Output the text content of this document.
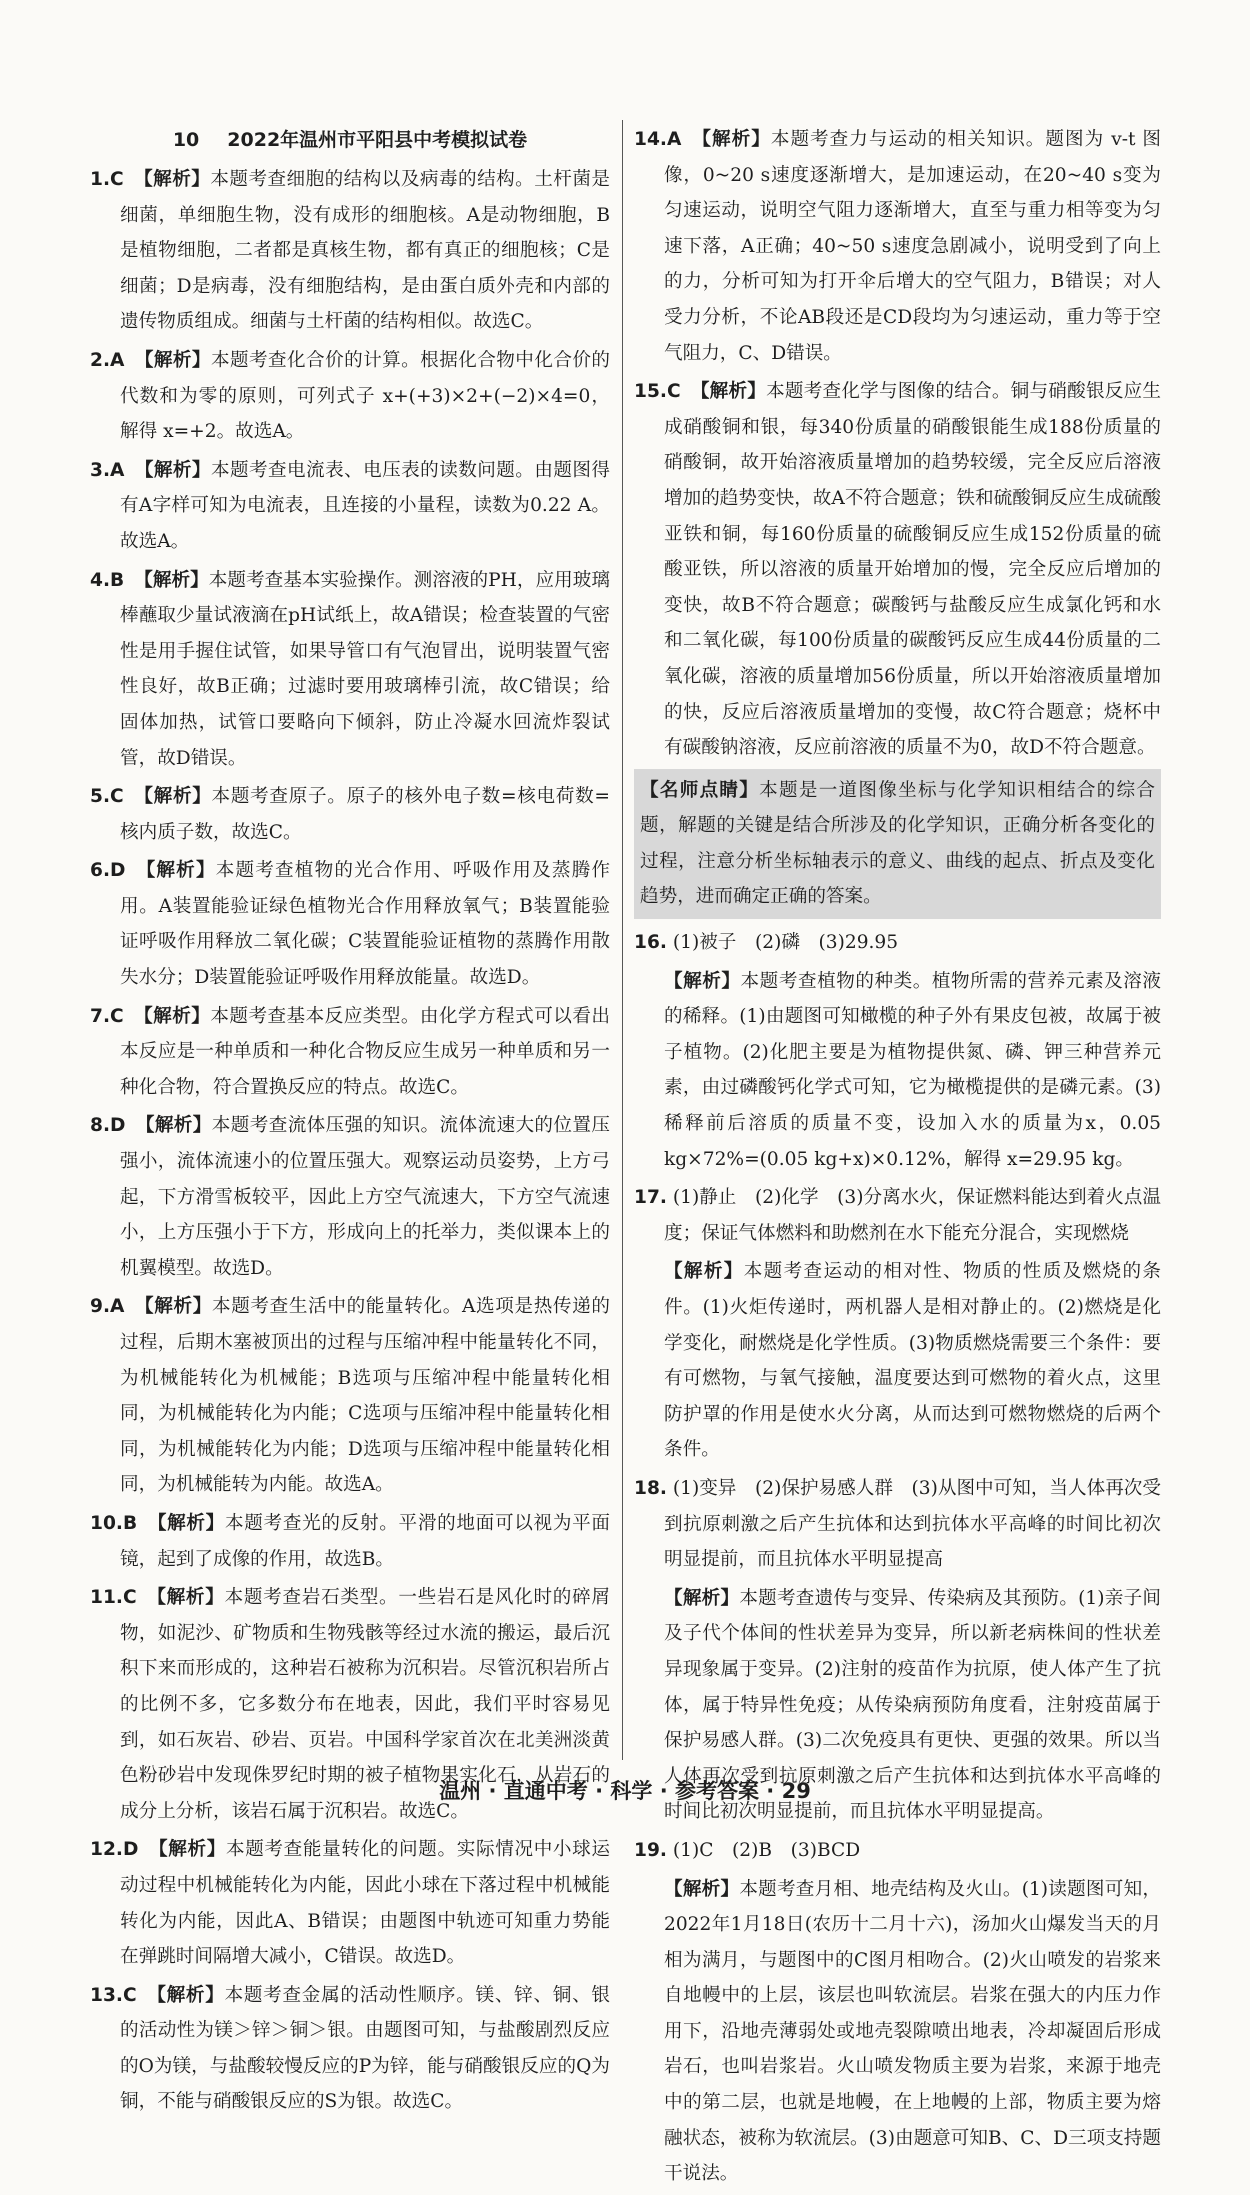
10 2022年温州市平阳县中考模拟试卷
1.C 【解析】本题考查细胞的结构以及病毒的结构。土杆菌是细菌，单细胞生物，没有成形的细胞核。A是动物细胞，B是植物细胞，二者都是真核生物，都有真正的细胞核；C是细菌；D是病毒，没有细胞结构，是由蛋白质外壳和内部的遗传物质组成。细菌与土杆菌的结构相似。故选C。
2.A 【解析】本题考查化合价的计算。根据化合物中化合价的代数和为零的原则，可列式子 x+(+3)×2+(−2)×4=0，解得 x=+2。故选A。
3.A 【解析】本题考查电流表、电压表的读数问题。由题图得有A字样可知为电流表，且连接的小量程，读数为0.22 A。故选A。
4.B 【解析】本题考查基本实验操作。测溶液的PH，应用玻璃棒蘸取少量试液滴在pH试纸上，故A错误；检查装置的气密性是用手握住试管，如果导管口有气泡冒出，说明装置气密性良好，故B正确；过滤时要用玻璃棒引流，故C错误；给固体加热，试管口要略向下倾斜，防止冷凝水回流炸裂试管，故D错误。
5.C 【解析】本题考查原子。原子的核外电子数=核电荷数=核内质子数，故选C。
6.D 【解析】本题考查植物的光合作用、呼吸作用及蒸腾作用。A装置能验证绿色植物光合作用释放氧气；B装置能验证呼吸作用释放二氧化碳；C装置能验证植物的蒸腾作用散失水分；D装置能验证呼吸作用释放能量。故选D。
7.C 【解析】本题考查基本反应类型。由化学方程式可以看出本反应是一种单质和一种化合物反应生成另一种单质和另一种化合物，符合置换反应的特点。故选C。
8.D 【解析】本题考查流体压强的知识。流体流速大的位置压强小，流体流速小的位置压强大。观察运动员姿势，上方弓起，下方滑雪板较平，因此上方空气流速大，下方空气流速小，上方压强小于下方，形成向上的托举力，类似课本上的机翼模型。故选D。
9.A 【解析】本题考查生活中的能量转化。A选项是热传递的过程，后期木塞被顶出的过程与压缩冲程中能量转化不同，为机械能转化为机械能；B选项与压缩冲程中能量转化相同，为机械能转化为内能；C选项与压缩冲程中能量转化相同，为机械能转化为内能；D选项与压缩冲程中能量转化相同，为机械能转为内能。故选A。
10.B 【解析】本题考查光的反射。平滑的地面可以视为平面镜，起到了成像的作用，故选B。
11.C 【解析】本题考查岩石类型。一些岩石是风化时的碎屑物，如泥沙、矿物质和生物残骸等经过水流的搬运，最后沉积下来而形成的，这种岩石被称为沉积岩。尽管沉积岩所占的比例不多，它多数分布在地表，因此，我们平时容易见到，如石灰岩、砂岩、页岩。中国科学家首次在北美洲淡黄色粉砂岩中发现侏罗纪时期的被子植物果实化石，从岩石的成分上分析，该岩石属于沉积岩。故选C。
12.D 【解析】本题考查能量转化的问题。实际情况中小球运动过程中机械能转化为内能，因此小球在下落过程中机械能转化为内能，因此A、B错误；由题图中轨迹可知重力势能在弹跳时间隔增大减小，C错误。故选D。
13.C 【解析】本题考查金属的活动性顺序。镁、锌、铜、银的活动性为镁＞锌＞铜＞银。由题图可知，与盐酸剧烈反应的O为镁，与盐酸较慢反应的P为锌，能与硝酸银反应的Q为铜，不能与硝酸银反应的S为银。故选C。
14.A 【解析】本题考查力与运动的相关知识。题图为 v-t 图像，0~20 s速度逐渐增大，是加速运动，在20~40 s变为匀速运动，说明空气阻力逐渐增大，直至与重力相等变为匀速下落，A正确；40~50 s速度急剧减小，说明受到了向上的力，分析可知为打开伞后增大的空气阻力，B错误；对人受力分析，不论AB段还是CD段均为匀速运动，重力等于空气阻力，C、D错误。
15.C 【解析】本题考查化学与图像的结合。铜与硝酸银反应生成硝酸铜和银，每340份质量的硝酸银能生成188份质量的硝酸铜，故开始溶液质量增加的趋势较缓，完全反应后溶液增加的趋势变快，故A不符合题意；铁和硫酸铜反应生成硫酸亚铁和铜，每160份质量的硫酸铜反应生成152份质量的硫酸亚铁，所以溶液的质量开始增加的慢，完全反应后增加的变快，故B不符合题意；碳酸钙与盐酸反应生成氯化钙和水和二氧化碳，每100份质量的碳酸钙反应生成44份质量的二氧化碳，溶液的质量增加56份质量，所以开始溶液质量增加的快，反应后溶液质量增加的变慢，故C符合题意；烧杯中有碳酸钠溶液，反应前溶液的质量不为0，故D不符合题意。
【名师点睛】本题是一道图像坐标与化学知识相结合的综合题，解题的关键是结合所涉及的化学知识，正确分析各变化的过程，注意分析坐标轴表示的意义、曲线的起点、折点及变化趋势，进而确定正确的答案。
16. (1)被子　(2)磷　(3)29.95
【解析】本题考查植物的种类。植物所需的营养元素及溶液的稀释。(1)由题图可知橄榄的种子外有果皮包被，故属于被子植物。(2)化肥主要是为植物提供氮、磷、钾三种营养元素，由过磷酸钙化学式可知，它为橄榄提供的是磷元素。(3)稀释前后溶质的质量不变，设加入水的质量为x，0.05 kg×72%=(0.05 kg+x)×0.12%，解得 x=29.95 kg。
17. (1)静止　(2)化学　(3)分离水火，保证燃料能达到着火点温度；保证气体燃料和助燃剂在水下能充分混合，实现燃烧
【解析】本题考查运动的相对性、物质的性质及燃烧的条件。(1)火炬传递时，两机器人是相对静止的。(2)燃烧是化学变化，耐燃烧是化学性质。(3)物质燃烧需要三个条件：要有可燃物，与氧气接触，温度要达到可燃物的着火点，这里防护罩的作用是使水火分离，从而达到可燃物燃烧的后两个条件。
18. (1)变异　(2)保护易感人群　(3)从图中可知，当人体再次受到抗原刺激之后产生抗体和达到抗体水平高峰的时间比初次明显提前，而且抗体水平明显提高
【解析】本题考查遗传与变异、传染病及其预防。(1)亲子间及子代个体间的性状差异为变异，所以新老病株间的性状差异现象属于变异。(2)注射的疫苗作为抗原，使人体产生了抗体，属于特异性免疫；从传染病预防角度看，注射疫苗属于保护易感人群。(3)二次免疫具有更快、更强的效果。所以当人体再次受到抗原刺激之后产生抗体和达到抗体水平高峰的时间比初次明显提前，而且抗体水平明显提高。
19. (1)C　(2)B　(3)BCD
【解析】本题考查月相、地壳结构及火山。(1)读题图可知，2022年1月18日(农历十二月十六)，汤加火山爆发当天的月相为满月，与题图中的C图月相吻合。(2)火山喷发的岩浆来自地幔中的上层，该层也叫软流层。岩浆在强大的内压力作用下，沿地壳薄弱处或地壳裂隙喷出地表，冷却凝固后形成岩石，也叫岩浆岩。火山喷发物质主要为岩浆，来源于地壳中的第二层，也就是地幔，在上地幔的上部，物质主要为熔融状态，被称为软流层。(3)由题意可知B、C、D三项支持题干说法。
温州 · 直通中考 · 科学 · 参考答案 · 29
